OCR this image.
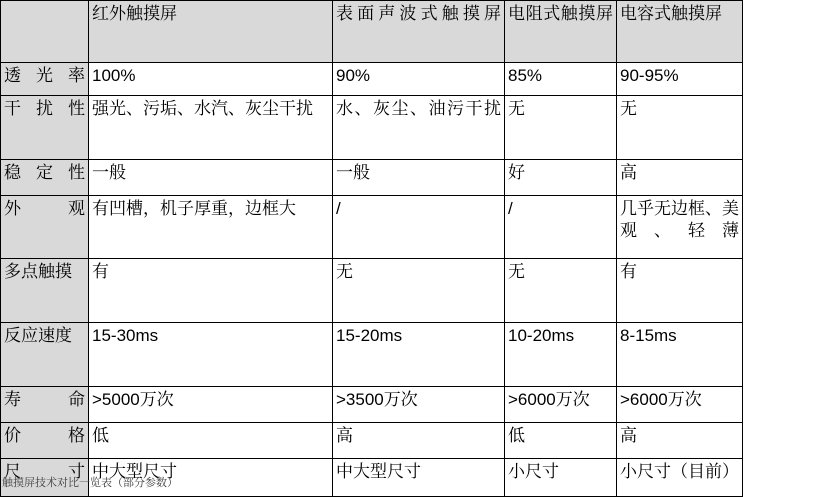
	红外触摸屏	表面声波式触摸屏	电阻式触摸屏	电容式触摸屏
透光率	100%	90%	85%	90-95%
干扰性	强光、污垢、水汽、灰尘干扰	水、灰尘、油污干扰	无	无
稳定性	一般	一般	好	高
外观	有凹槽，机子厚重，边框大	/	/	几乎无边框、美观、轻薄
多点触摸	有	无	无	有
反应速度	15-30ms	15-20ms	10-20ms	8-15ms
寿命	>5000万次	>3500万次	>6000万次	>6000万次
价格	低	高	低	高
尺寸	中大型尺寸	中大型尺寸	小尺寸	小尺寸（目前）
触摸屏技术对比一览表（部分参数）
